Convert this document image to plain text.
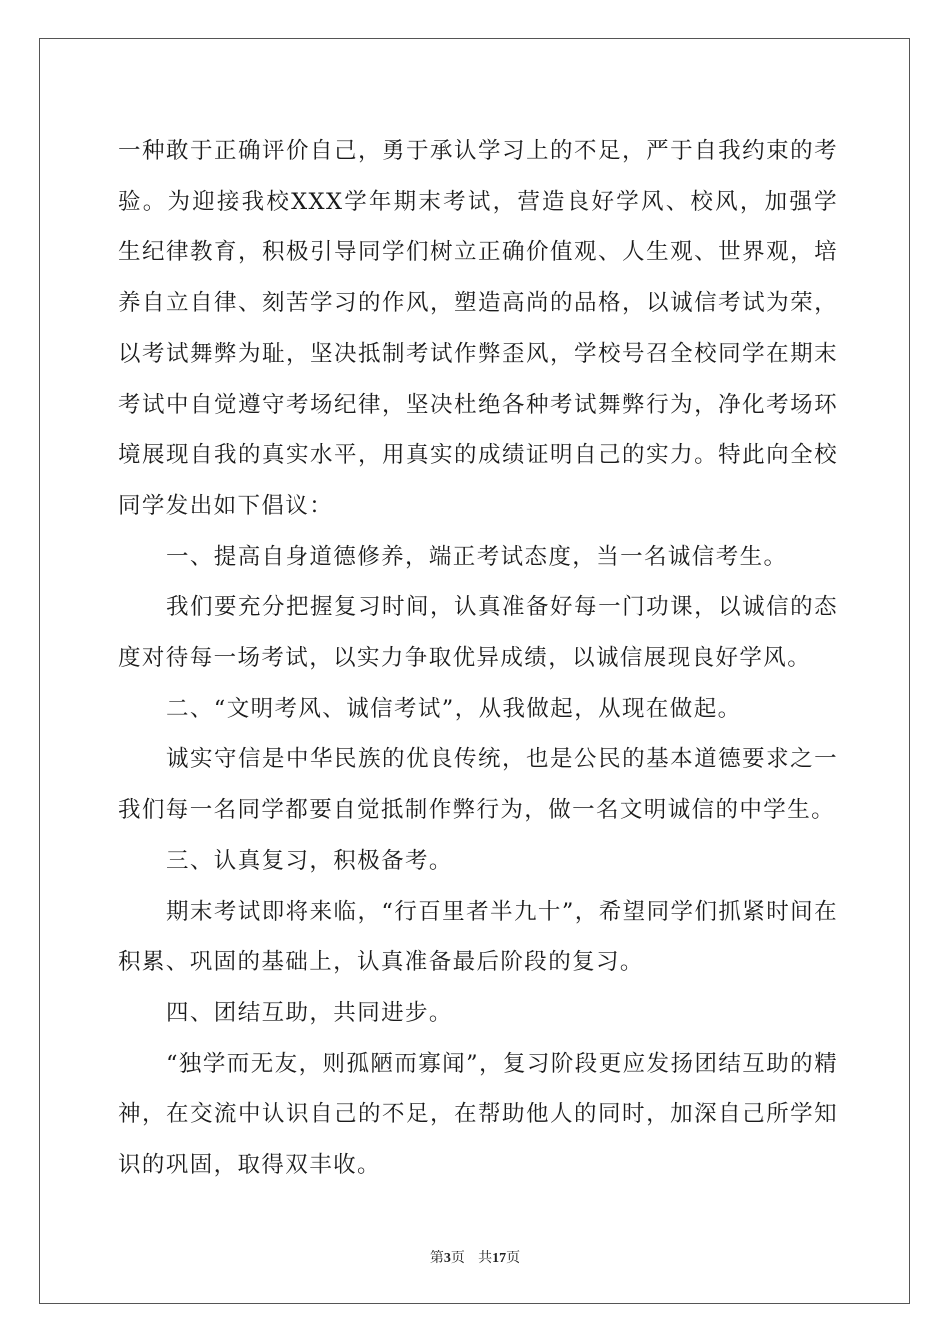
一种敢于正确评价自己，勇于承认学习上的不足，严于自我约束的考验。为迎接我校XXX学年期末考试，营造良好学风、校风，加强学生纪律教育，积极引导同学们树立正确价值观、人生观、世界观，培养自立自律、刻苦学习的作风，塑造高尚的品格，以诚信考试为荣，以考试舞弊为耻，坚决抵制考试作弊歪风，学校号召全校同学在期末考试中自觉遵守考场纪律，坚决杜绝各种考试舞弊行为，净化考场环境展现自我的真实水平，用真实的成绩证明自己的实力。特此向全校同学发出如下倡议：

一、提高自身道德修养，端正考试态度，当一名诚信考生。

我们要充分把握复习时间，认真准备好每一门功课，以诚信的态度对待每一场考试，以实力争取优异成绩，以诚信展现良好学风。

二、“文明考风、诚信考试”，从我做起，从现在做起。

诚实守信是中华民族的优良传统，也是公民的基本道德要求之一我们每一名同学都要自觉抵制作弊行为，做一名文明诚信的中学生。

三、认真复习，积极备考。

期末考试即将来临，“行百里者半九十”，希望同学们抓紧时间在积累、巩固的基础上，认真准备最后阶段的复习。

四、团结互助，共同进步。

“独学而无友，则孤陋而寡闻”，复习阶段更应发扬团结互助的精神，在交流中认识自己的不足，在帮助他人的同时，加深自己所学知识的巩固，取得双丰收。

第3页 共17页
